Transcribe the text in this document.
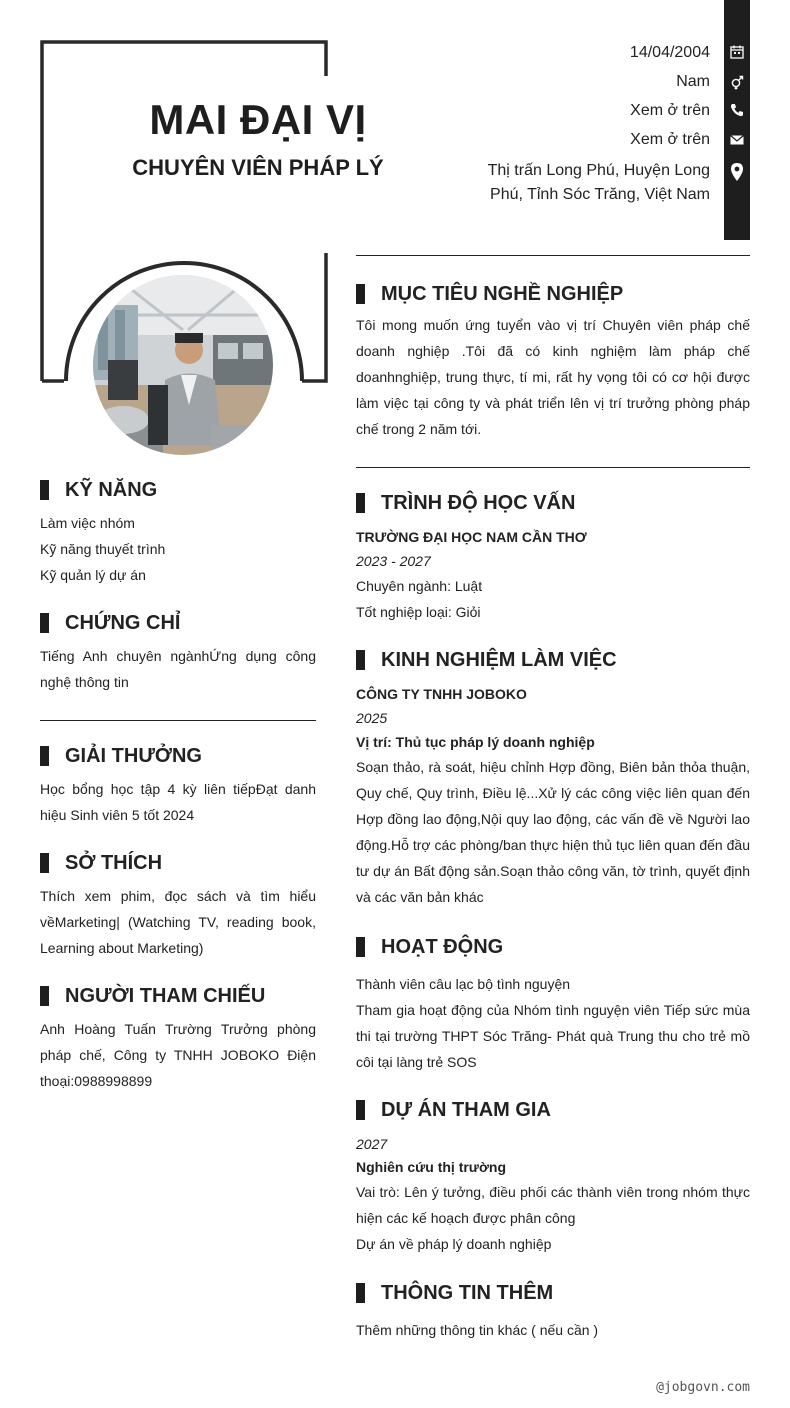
MAI ĐẠI VỊ
CHUYÊN VIÊN PHÁP LÝ
14/04/2004
Nam
Xem ở trên
Xem ở trên
Thị trấn Long Phú, Huyện Long
Phú, Tỉnh Sóc Trăng, Việt Nam
KỸ NĂNG
Làm việc nhóm
Kỹ năng thuyết trình
Kỹ quản lý dự án
CHỨNG CHỈ
Tiếng Anh chuyên ngànhỨng dụng công nghệ thông tin
GIẢI THƯỞNG
Học bổng học tập 4 kỳ liên tiếpĐạt danh hiệu Sinh viên 5 tốt 2024
SỞ THÍCH
Thích xem phim, đọc sách và tìm hiểu vềMarketing| (Watching TV, reading book, Learning about Marketing)
NGƯỜI THAM CHIẾU
Anh Hoàng Tuấn Trường Trưởng phòng pháp chế, Công ty TNHH JOBOKO Điện thoại:0988998899
MỤC TIÊU NGHỀ NGHIỆP
Tôi mong muốn ứng tuyển vào vị trí Chuyên viên pháp chế doanh nghiệp .Tôi đã có kinh nghiệm làm pháp chế doanhnghiệp, trung thực, tí mi, rất hy vọng tôi có cơ hội được làm việc tại công ty và phát triển lên vị trí trưởng phòng pháp chế trong 2 năm tới.
TRÌNH ĐỘ HỌC VẤN
TRƯỜNG ĐẠI HỌC NAM CẦN THƠ
2023 - 2027
Chuyên ngành: Luật
Tốt nghiệp loại: Giỏi
KINH NGHIỆM LÀM VIỆC
CÔNG TY TNHH JOBOKO
2025
Vị trí: Thủ tục pháp lý doanh nghiệp
Soạn thảo, rà soát, hiệu chỉnh Hợp đồng, Biên bản thỏa thuận, Quy chế, Quy trình, Điều lệ...Xử lý các công việc liên quan đến Hợp đồng lao động,Nội quy lao động, các vấn đề về Người lao động.Hỗ trợ các phòng/ban thực hiện thủ tục liên quan đến đầu tư dự án Bất động sản.Soạn thảo công văn, tờ trình, quyết định và các văn bản khác
HOẠT ĐỘNG
Thành viên câu lạc bộ tình nguyện
Tham gia hoạt động của Nhóm tình nguyện viên Tiếp sức mùa thi tại trường THPT Sóc Trăng- Phát quà Trung thu cho trẻ mồ côi tại làng trẻ SOS
DỰ ÁN THAM GIA
2027
Nghiên cứu thị trường
Vai trò: Lên ý tưởng, điều phối các thành viên trong nhóm thực hiện các kế hoạch được phân công
Dự án về pháp lý doanh nghiệp
THÔNG TIN THÊM
Thêm những thông tin khác ( nếu cần )
@jobgovn.com
